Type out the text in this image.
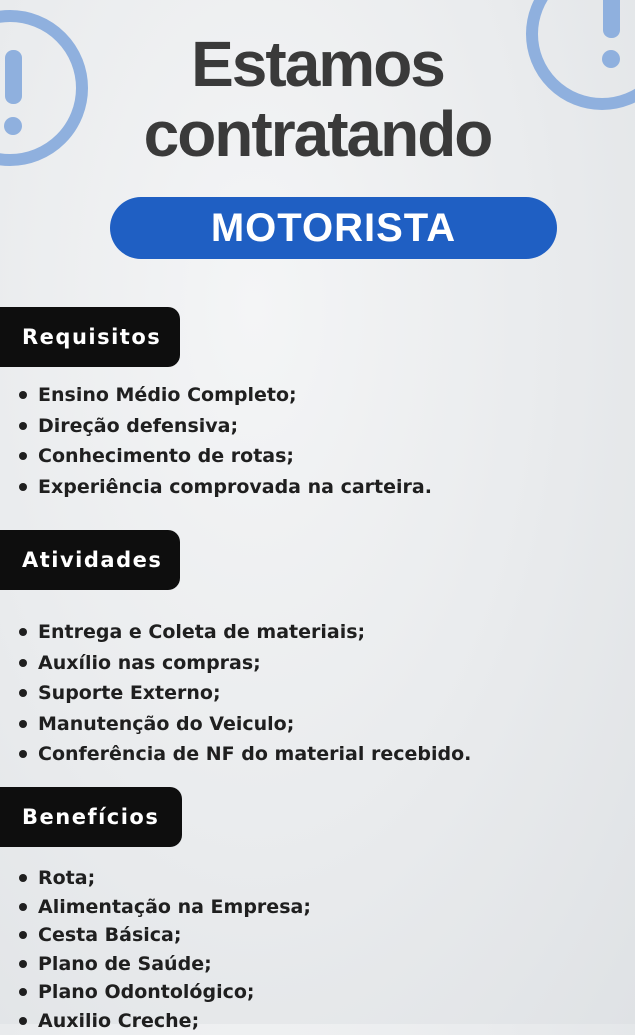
Estamos
contratando
MOTORISTA
Requisitos
Ensino Médio Completo;
Direção defensiva;
Conhecimento de rotas;
Experiência comprovada na carteira.
Atividades
Entrega e Coleta de materiais;
Auxílio nas compras;
Suporte Externo;
Manutenção do Veiculo;
Conferência de NF do material recebido.
Benefícios
Rota;
Alimentação na Empresa;
Cesta Básica;
Plano de Saúde;
Plano Odontológico;
Auxilio Creche;
